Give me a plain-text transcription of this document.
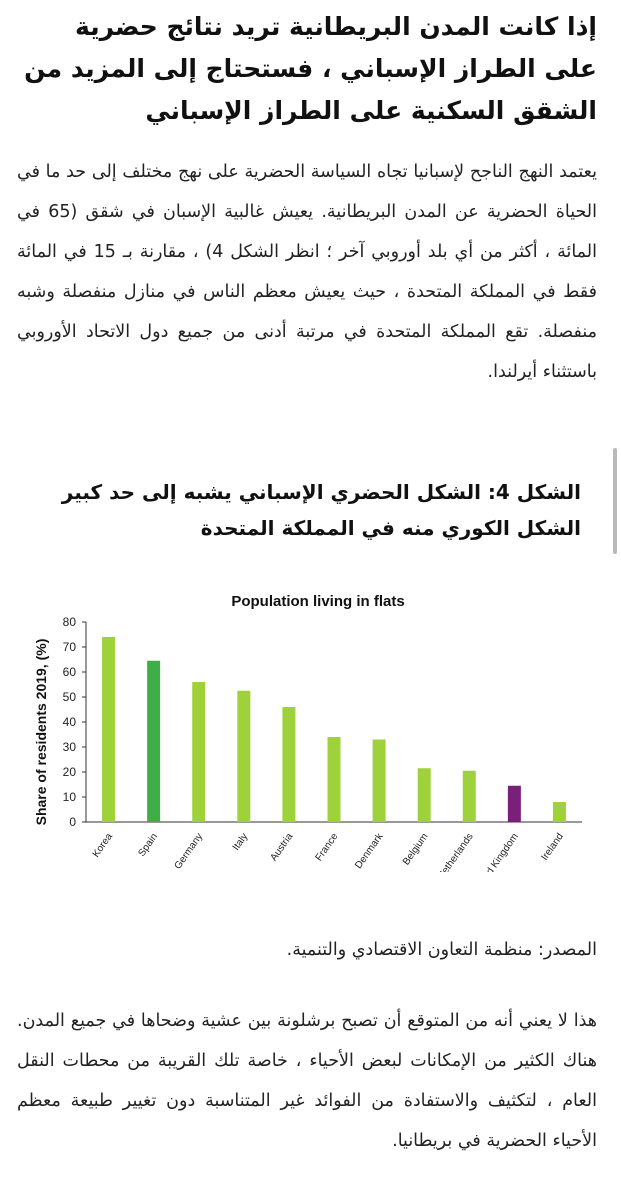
إذا كانت المدن البريطانية تريد نتائج حضرية على الطراز الإسباني ، فستحتاج إلى المزيد من الشقق السكنية على الطراز الإسباني

يعتمد النهج الناجح لإسبانيا تجاه السياسة الحضرية على نهج مختلف إلى حد ما في الحياة الحضرية عن المدن البريطانية. يعيش غالبية الإسبان في شقق (65 في المائة ، أكثر من أي بلد أوروبي آخر ؛ انظر الشكل 4) ، مقارنة بـ 15 في المائة فقط في المملكة المتحدة ، حيث يعيش معظم الناس في منازل منفصلة وشبه منفصلة. تقع المملكة المتحدة في مرتبة أدنى من جميع دول الاتحاد الأوروبي باستثناء أيرلندا.

الشكل 4: الشكل الحضري الإسباني يشبه إلى حد كبير الشكل الكوري منه في المملكة المتحدة
Population living in flats
Share of residents 2019, (%) 0
10
20
30
40
50
60
70
80
Korea Spain Germany	Italy Austria France Denmark Belgium Netherlands
United Kingdom Ireland

المصدر: منظمة التعاون الاقتصادي والتنمية.

هذا لا يعني أنه من المتوقع أن تصبح برشلونة بين عشية وضحاها في جميع المدن. هناك الكثير من الإمكانات لبعض الأحياء ، خاصة تلك القريبة من محطات النقل العام ، لتكثيف والاستفادة من الفوائد غير المتناسبة دون تغيير طبيعة معظم الأحياء الحضرية في بريطانيا.
